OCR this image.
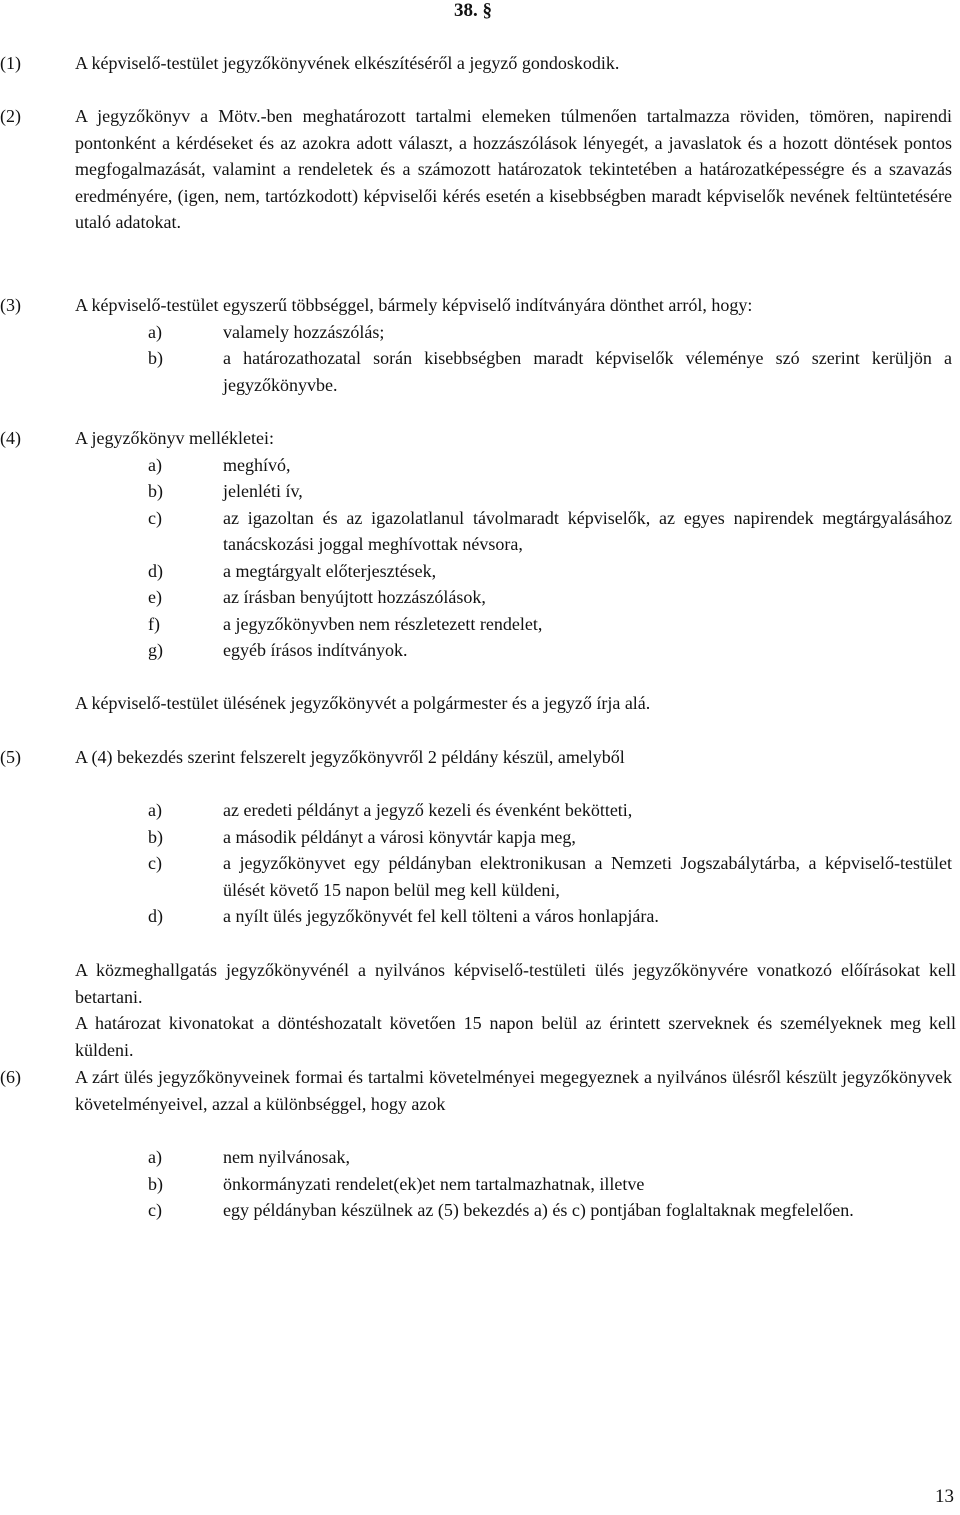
38. §
(1)	A képviselő-testület jegyzőkönyvének elkészítéséről a jegyző gondoskodik.
(2)	A jegyzőkönyv a Mötv.-ben meghatározott tartalmi elemeken túlmenően tartalmazza röviden, tömören, napirendi pontonként a kérdéseket és az azokra adott választ, a hozzászólások lényegét, a javaslatok és a hozott döntések pontos megfogalmazását, valamint a rendeletek és a számozott határozatok tekintetében a határozatképességre és a szavazás eredményére, (igen, nem, tartózkodott) képviselői kérés esetén a kisebbségben maradt képviselők nevének feltüntetésére utaló adatokat.
(3)	A képviselő-testület egyszerű többséggel, bármely képviselő indítványára dönthet arról, hogy:
a)	valamely hozzászólás;
b)	a határozathozatal során kisebbségben maradt képviselők véleménye szó szerint kerüljön a jegyzőkönyvbe.
(4)	A jegyzőkönyv mellékletei:
a)	meghívó,
b)	jelenléti ív,
c)	az igazoltan és az igazolatlanul távolmaradt képviselők, az egyes napirendek megtárgyalásához tanácskozási joggal meghívottak névsora,
d)	a megtárgyalt előterjesztések,
e)	az írásban benyújtott hozzászólások,
f)	a jegyzőkönyvben nem részletezett rendelet,
g)	egyéb írásos indítványok.
A képviselő-testület ülésének jegyzőkönyvét a polgármester és a jegyző írja alá.
(5)	A (4) bekezdés szerint felszerelt jegyzőkönyvről 2 példány készül, amelyből
a)	az eredeti példányt a jegyző kezeli és évenként bekötteti,
b)	a második példányt a városi könyvtár kapja meg,
c)	a jegyzőkönyvet egy példányban elektronikusan a Nemzeti Jogszabálytárba, a képviselő-testület ülését követő 15 napon belül meg kell küldeni,
d)	a nyílt ülés jegyzőkönyvét fel kell tölteni a város honlapjára.
A közmeghallgatás jegyzőkönyvénél a nyilvános képviselő-testületi ülés jegyzőkönyvére vonatkozó előírásokat kell betartani.
A határozat kivonatokat a döntéshozatalt követően 15 napon belül az érintett szerveknek és személyeknek meg kell küldeni.
(6)	A zárt ülés jegyzőkönyveinek formai és tartalmi követelményei megegyeznek a nyilvános ülésről készült jegyzőkönyvek követelményeivel, azzal a különbséggel, hogy azok
a)	nem nyilvánosak,
b)	önkormányzati rendelet(ek)et nem tartalmazhatnak, illetve
c)	egy példányban készülnek az (5) bekezdés a) és c) pontjában foglaltaknak megfelelően.
13
